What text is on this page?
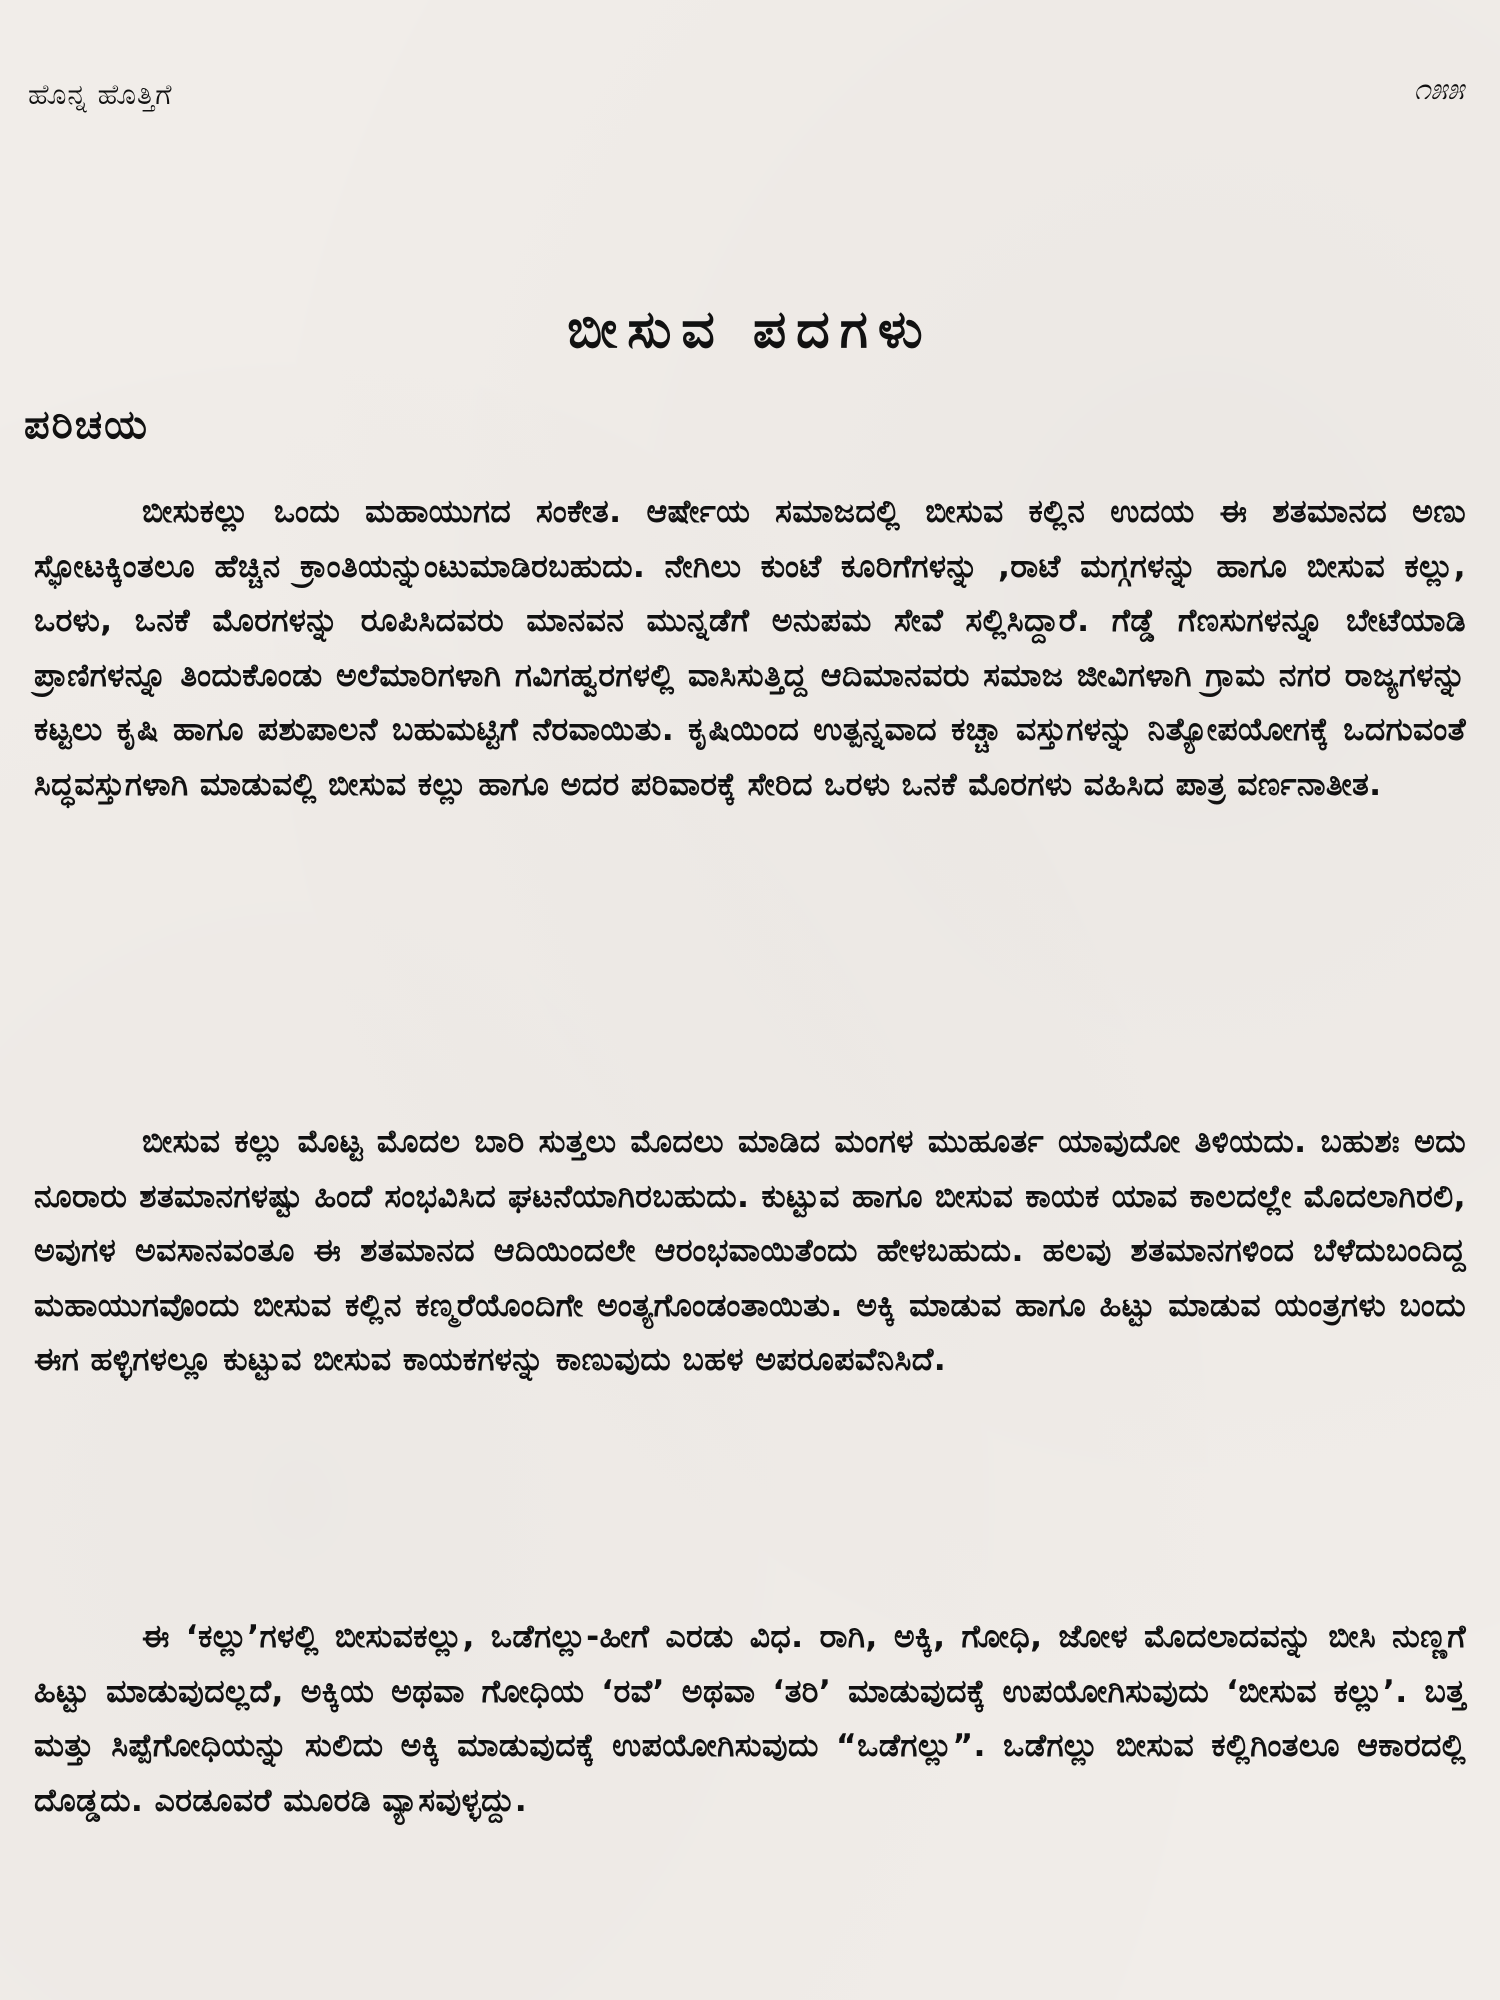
ಹೊನ್ನ ಹೊತ್ತಿಗೆ	೧೫೫
ಬೀಸುವ ಪದಗಳು
ಪರಿಚಯ

ಬೀಸುಕಲ್ಲು ಒಂದು ಮಹಾಯುಗದ ಸಂಕೇತ. ಆರ್ಷೇಯ ಸಮಾಜದಲ್ಲಿ ಬೀಸುವ ಕಲ್ಲಿನ ಉದಯ ಈ ಶತಮಾನದ ಅಣು ಸ್ಫೋಟಕ್ಕಿಂತಲೂ ಹೆಚ್ಚಿನ ಕ್ರಾಂತಿಯನ್ನುಂಟುಮಾಡಿರಬಹುದು. ನೇಗಿಲು ಕುಂಟೆ ಕೂರಿಗೆಗಳನ್ನು ,ರಾಟೆ ಮಗ್ಗಗಳನ್ನು ಹಾಗೂ ಬೀಸುವ ಕಲ್ಲು, ಒರಳು, ಒನಕೆ ಮೊರಗಳನ್ನು ರೂಪಿಸಿದವರು ಮಾನವನ ಮುನ್ನಡೆಗೆ ಅನುಪಮ ಸೇವೆ ಸಲ್ಲಿಸಿದ್ದಾರೆ. ಗೆಡ್ಡೆ ಗೆಣಸುಗಳನ್ನೂ ಬೇಟೆಯಾಡಿ ಪ್ರಾಣಿಗಳನ್ನೂ ತಿಂದುಕೊಂಡು ಅಲೆಮಾರಿಗಳಾಗಿ ಗವಿಗಹ್ವರಗಳಲ್ಲಿ ವಾಸಿಸುತ್ತಿದ್ದ ಆದಿಮಾನವರು ಸಮಾಜ ಜೀವಿಗಳಾಗಿ ಗ್ರಾಮ ನಗರ ರಾಜ್ಯಗಳನ್ನು ಕಟ್ಟಲು ಕೃಷಿ ಹಾಗೂ ಪಶುಪಾಲನೆ ಬಹುಮಟ್ಟಿಗೆ ನೆರವಾಯಿತು. ಕೃಷಿಯಿಂದ ಉತ್ಪನ್ನವಾದ ಕಚ್ಚಾ ವಸ್ತುಗಳನ್ನು ನಿತ್ಯೋಪಯೋಗಕ್ಕೆ ಒದಗುವಂತೆ ಸಿದ್ಧವಸ್ತುಗಳಾಗಿ ಮಾಡುವಲ್ಲಿ ಬೀಸುವ ಕಲ್ಲು ಹಾಗೂ ಅದರ ಪರಿವಾರಕ್ಕೆ ಸೇರಿದ ಒರಳು ಒನಕೆ ಮೊರಗಳು ವಹಿಸಿದ ಪಾತ್ರ ವರ್ಣನಾತೀತ.

ಬೀಸುವ ಕಲ್ಲು ಮೊಟ್ಟ ಮೊದಲ ಬಾರಿ ಸುತ್ತಲು ಮೊದಲು ಮಾಡಿದ ಮಂಗಳ ಮುಹೂರ್ತ ಯಾವುದೋ ತಿಳಿಯದು. ಬಹುಶಃ ಅದು ನೂರಾರು ಶತಮಾನಗಳಷ್ಟು ಹಿಂದೆ ಸಂಭವಿಸಿದ ಘಟನೆಯಾಗಿರಬಹುದು. ಕುಟ್ಟುವ ಹಾಗೂ ಬೀಸುವ ಕಾಯಕ ಯಾವ ಕಾಲದಲ್ಲೇ ಮೊದಲಾಗಿರಲಿ, ಅವುಗಳ ಅವಸಾನವಂತೂ ಈ ಶತಮಾನದ ಆದಿಯಿಂದಲೇ ಆರಂಭವಾಯಿತೆಂದು ಹೇಳಬಹುದು. ಹಲವು ಶತಮಾನಗಳಿಂದ ಬೆಳೆದುಬಂದಿದ್ದ ಮಹಾಯುಗವೊಂದು ಬೀಸುವ ಕಲ್ಲಿನ ಕಣ್ಮರೆಯೊಂದಿಗೇ ಅಂತ್ಯಗೊಂಡಂತಾಯಿತು. ಅಕ್ಕಿ ಮಾಡುವ ಹಾಗೂ ಹಿಟ್ಟು ಮಾಡುವ ಯಂತ್ರಗಳು ಬಂದು ಈಗ ಹಳ್ಳಿಗಳಲ್ಲೂ ಕುಟ್ಟುವ ಬೀಸುವ ಕಾಯಕಗಳನ್ನು ಕಾಣುವುದು ಬಹಳ ಅಪರೂಪವೆನಿಸಿದೆ.

ಈ ‘ಕಲ್ಲು’ಗಳಲ್ಲಿ ಬೀಸುವಕಲ್ಲು, ಒಡೆಗಲ್ಲು-ಹೀಗೆ ಎರಡು ವಿಧ. ರಾಗಿ, ಅಕ್ಕಿ, ಗೋಧಿ, ಜೋಳ ಮೊದಲಾದವನ್ನು ಬೀಸಿ ನುಣ್ಣಗೆ ಹಿಟ್ಟು ಮಾಡುವುದಲ್ಲದೆ, ಅಕ್ಕಿಯ ಅಥವಾ ಗೋಧಿಯ ‘ರವೆ’ ಅಥವಾ ‘ತರಿ’ ಮಾಡುವುದಕ್ಕೆ ಉಪಯೋಗಿಸುವುದು ‘ಬೀಸುವ ಕಲ್ಲು’. ಬತ್ತ ಮತ್ತು ಸಿಪ್ಪೆಗೋಧಿಯನ್ನು ಸುಲಿದು ಅಕ್ಕಿ ಮಾಡುವುದಕ್ಕೆ ಉಪಯೋಗಿಸುವುದು “ಒಡೆಗಲ್ಲು”. ಒಡೆಗಲ್ಲು ಬೀಸುವ ಕಲ್ಲಿಗಿಂತಲೂ ಆಕಾರದಲ್ಲಿ ದೊಡ್ಡದು. ಎರಡೂವರೆ ಮೂರಡಿ ವ್ಯಾಸವುಳ್ಳದ್ದು.
